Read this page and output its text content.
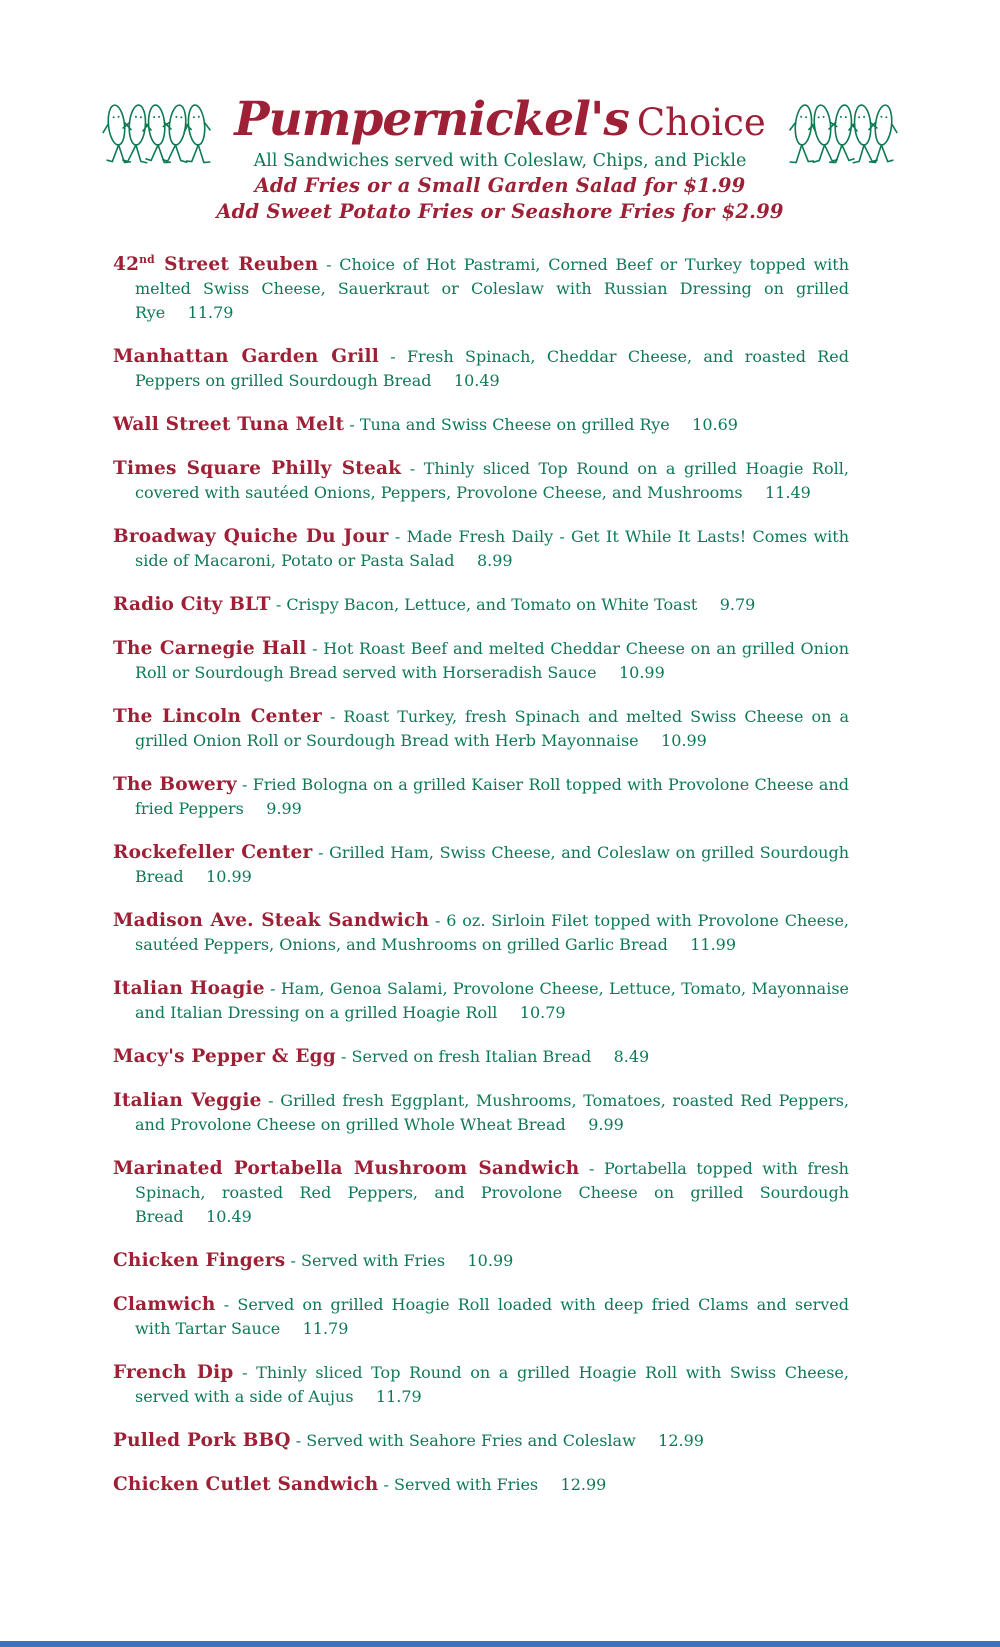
Pumpernickel's Choice

All Sandwiches served with Coleslaw, Chips, and Pickle

Add Fries or a Small Garden Salad for $1.99

Add Sweet Potato Fries or Seashore Fries for $2.99

42nd Street Reuben - Choice of Hot Pastrami, Corned Beef or Turkey topped with melted Swiss Cheese, Sauerkraut or Coleslaw with Russian Dressing on grilled Rye 11.79

Manhattan Garden Grill - Fresh Spinach, Cheddar Cheese, and roasted Red Peppers on grilled Sourdough Bread 10.49

Wall Street Tuna Melt - Tuna and Swiss Cheese on grilled Rye 10.69

Times Square Philly Steak - Thinly sliced Top Round on a grilled Hoagie Roll, covered with sautéed Onions, Peppers, Provolone Cheese, and Mushrooms 11.49

Broadway Quiche Du Jour - Made Fresh Daily - Get It While It Lasts! Comes with side of Macaroni, Potato or Pasta Salad 8.99

Radio City BLT - Crispy Bacon, Lettuce, and Tomato on White Toast 9.79

The Carnegie Hall - Hot Roast Beef and melted Cheddar Cheese on an grilled Onion Roll or Sourdough Bread served with Horseradish Sauce 10.99

The Lincoln Center - Roast Turkey, fresh Spinach and melted Swiss Cheese on a grilled Onion Roll or Sourdough Bread with Herb Mayonnaise 10.99

The Bowery - Fried Bologna on a grilled Kaiser Roll topped with Provolone Cheese and fried Peppers 9.99

Rockefeller Center - Grilled Ham, Swiss Cheese, and Coleslaw on grilled Sourdough Bread 10.99

Madison Ave. Steak Sandwich - 6 oz. Sirloin Filet topped with Provolone Cheese, sautéed Peppers, Onions, and Mushrooms on grilled Garlic Bread 11.99

Italian Hoagie - Ham, Genoa Salami, Provolone Cheese, Lettuce, Tomato, Mayonnaise and Italian Dressing on a grilled Hoagie Roll 10.79

Macy's Pepper & Egg - Served on fresh Italian Bread 8.49

Italian Veggie - Grilled fresh Eggplant, Mushrooms, Tomatoes, roasted Red Peppers, and Provolone Cheese on grilled Whole Wheat Bread 9.99

Marinated Portabella Mushroom Sandwich - Portabella topped with fresh Spinach, roasted Red Peppers, and Provolone Cheese on grilled Sourdough Bread 10.49

Chicken Fingers - Served with Fries 10.99

Clamwich - Served on grilled Hoagie Roll loaded with deep fried Clams and served with Tartar Sauce 11.79

French Dip - Thinly sliced Top Round on a grilled Hoagie Roll with Swiss Cheese, served with a side of Aujus 11.79

Pulled Pork BBQ - Served with Seahore Fries and Coleslaw 12.99

Chicken Cutlet Sandwich - Served with Fries 12.99
